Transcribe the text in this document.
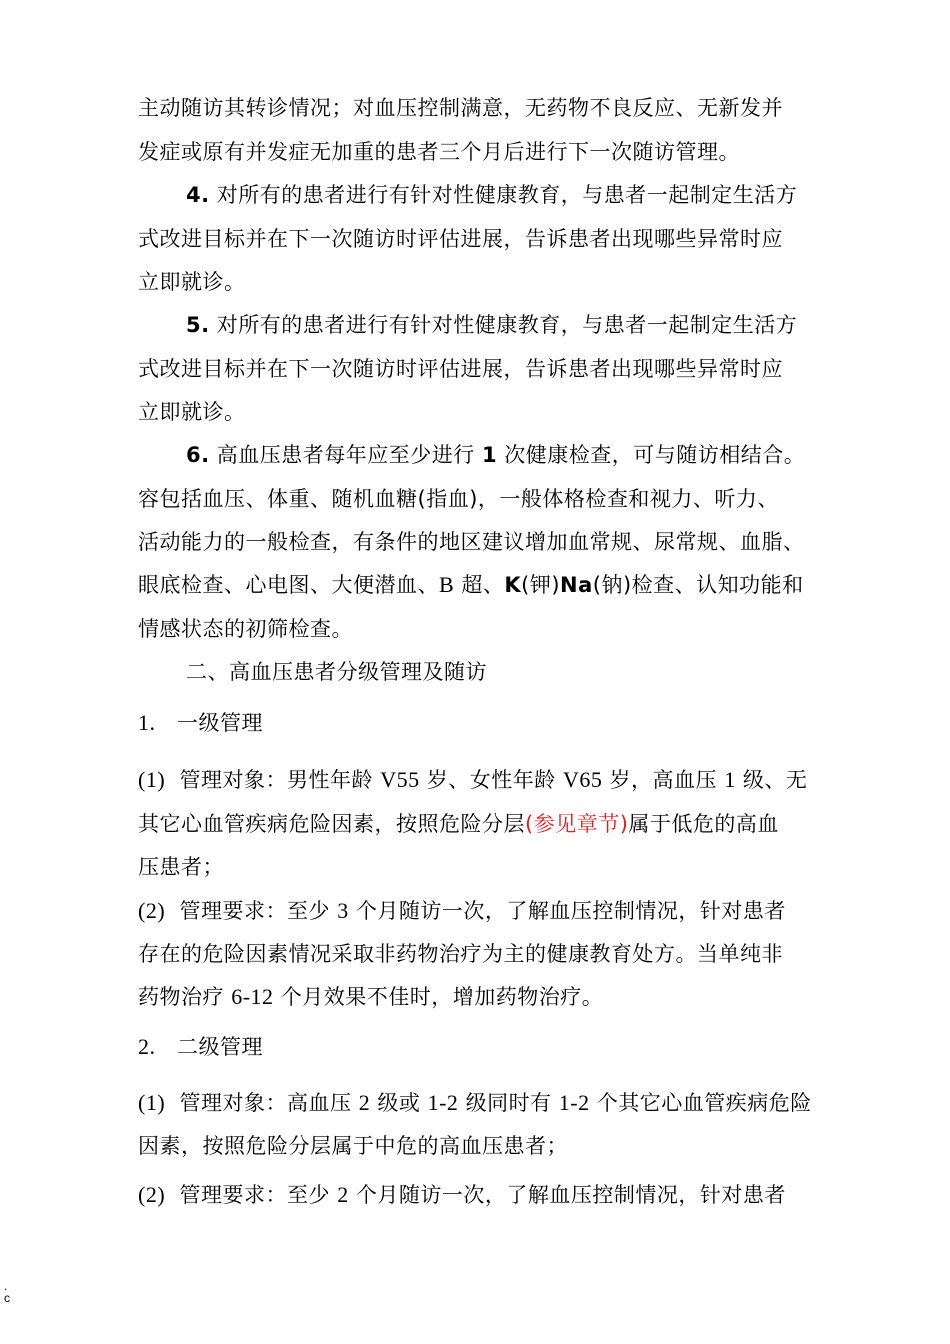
主动随访其转诊情况；对血压控制满意，无药物不良反应、无新发并
发症或原有并发症无加重的患者三个月后进行下一次随访管理。
4. 对所有的患者进行有针对性健康教育，与患者一起制定生活方
式改进目标并在下一次随访时评估进展，告诉患者出现哪些异常时应
立即就诊。
5. 对所有的患者进行有针对性健康教育，与患者一起制定生活方
式改进目标并在下一次随访时评估进展，告诉患者出现哪些异常时应
立即就诊。
6. 高血压患者每年应至少进行 1 次健康检查，可与随访相结合。
容包括血压、体重、随机血糖(指血)，一般体格检查和视力、听力、
活动能力的一般检查，有条件的地区建议增加血常规、尿常规、血脂、
眼底检查、心电图、大便潜血、B 超、K(钾)Na(钠)检查、认知功能和
情感状态的初筛检查。
二、高血压患者分级管理及随访
1. 一级管理
(1) 管理对象：男性年龄 V55 岁、女性年龄 V65 岁，高血压 1 级、无
其它心血管疾病危险因素，按照危险分层(参见章节)属于低危的高血
压患者；
(2) 管理要求：至少 3 个月随访一次，了解血压控制情况，针对患者
存在的危险因素情况采取非药物治疗为主的健康教育处方。当单纯非
药物治疗 6-12 个月效果不佳时，增加药物治疗。
2. 二级管理
(1) 管理对象：高血压 2 级或 1-2 级同时有 1-2 个其它心血管疾病危险
因素，按照危险分层属于中危的高血压患者；
(2) 管理要求：至少 2 个月随访一次，了解血压控制情况，针对患者
.
c
